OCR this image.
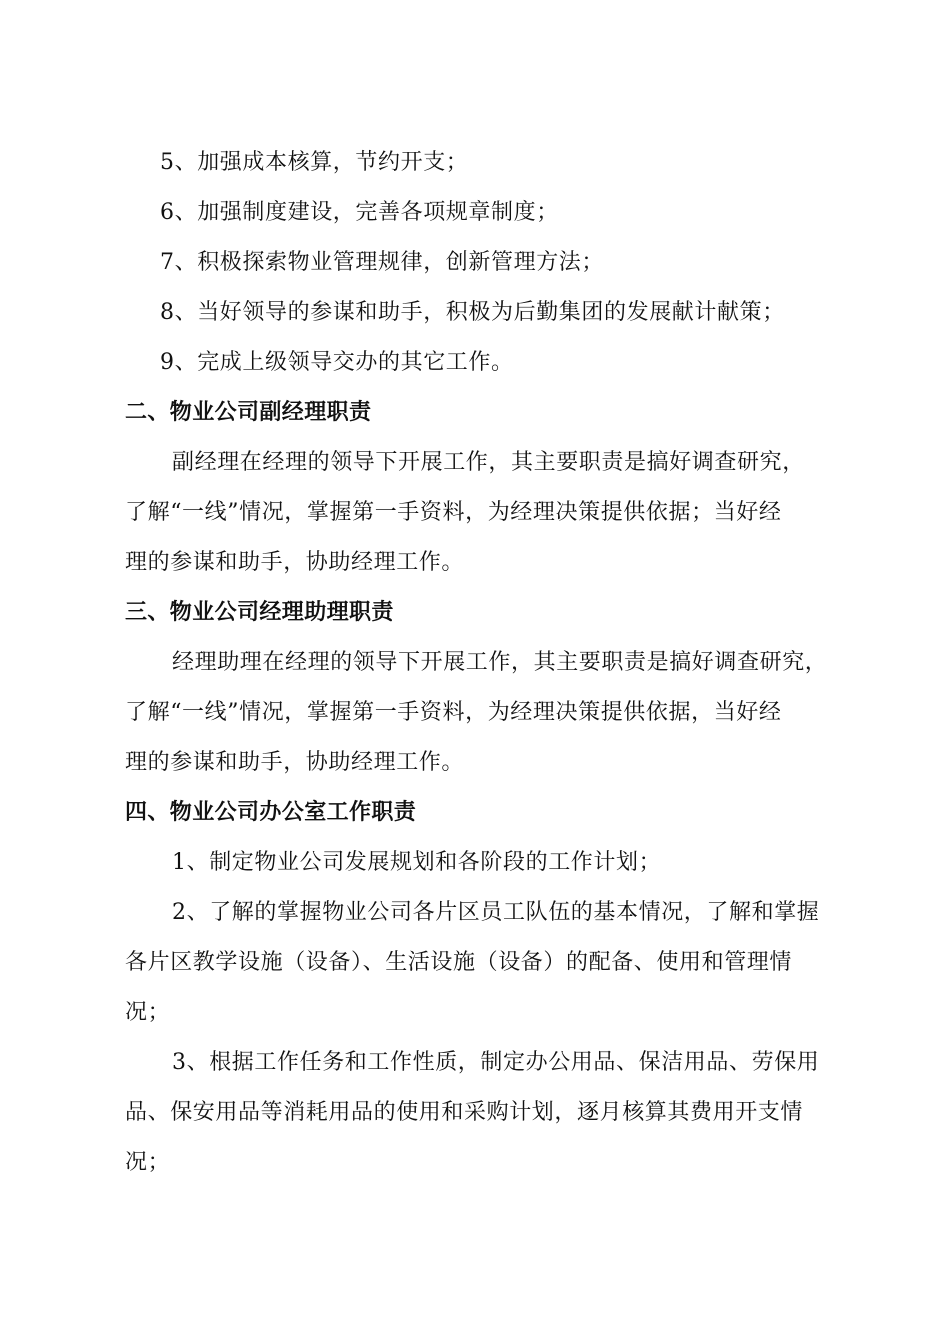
5、加强成本核算，节约开支；
6、加强制度建设，完善各项规章制度；
7、积极探索物业管理规律，创新管理方法；
8、当好领导的参谋和助手，积极为后勤集团的发展献计献策；
9、完成上级领导交办的其它工作。
二、物业公司副经理职责
副经理在经理的领导下开展工作，其主要职责是搞好调查研究，
了解“一线”情况，掌握第一手资料，为经理决策提供依据；当好经
理的参谋和助手，协助经理工作。
三、物业公司经理助理职责
经理助理在经理的领导下开展工作，其主要职责是搞好调查研究，
了解“一线”情况，掌握第一手资料，为经理决策提供依据，当好经
理的参谋和助手，协助经理工作。
四、物业公司办公室工作职责
1、制定物业公司发展规划和各阶段的工作计划；
2、了解的掌握物业公司各片区员工队伍的基本情况，了解和掌握
各片区教学设施（设备）、生活设施（设备）的配备、使用和管理情
况；
3、根据工作任务和工作性质，制定办公用品、保洁用品、劳保用
品、保安用品等消耗用品的使用和采购计划，逐月核算其费用开支情
况；
